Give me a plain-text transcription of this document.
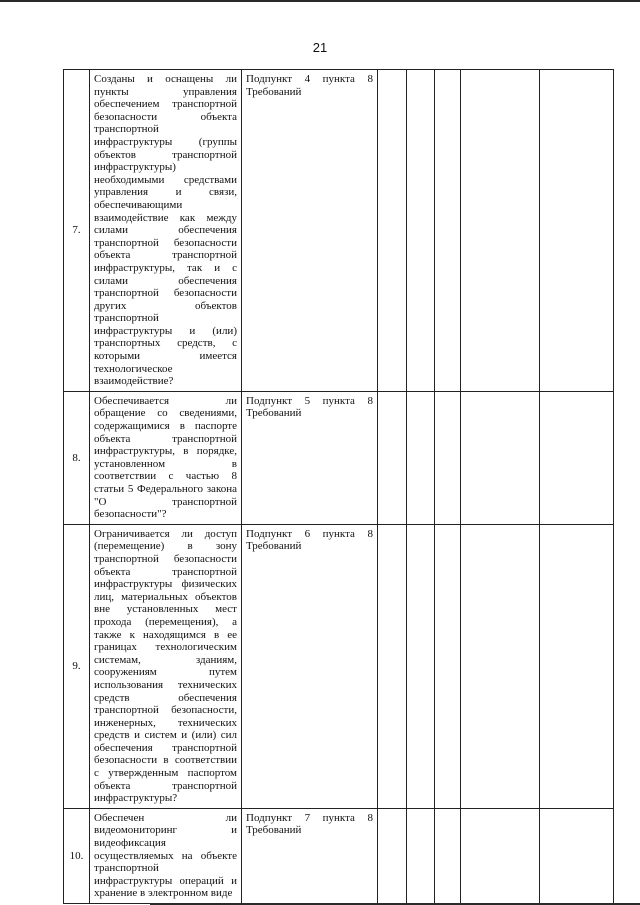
21
7.	Созданы и оснащены ли пункты управления обеспечением транспортной безопасности объекта транспортной инфраструктуры (группы объектов транспортной инфраструктуры) необходимыми средствами управления и связи, обеспечивающими взаимодействие как между силами обеспечения транспортной безопасности объекта транспортной инфраструктуры, так и с силами обеспечения транспортной безопасности других объектов транспортной инфраструктуры и (или) транспортных средств, с которыми имеется технологическое взаимодействие?	Подпункт 4 пункта 8 Требований					
8.	Обеспечивается ли обращение со сведениями, содержащимися в паспорте объекта транспортной инфраструктуры, в порядке, установленном в соответствии с частью 8 статьи 5 Федерального закона "О транспортной безопасности"?	Подпункт 5 пункта 8 Требований					
9.	Ограничивается ли доступ (перемещение) в зону транспортной безопасности объекта транспортной инфраструктуры физических лиц, материальных объектов вне установленных мест прохода (перемещения), а также к находящимся в ее границах технологическим системам, зданиям, сооружениям путем использования технических средств обеспечения транспортной безопасности, инженерных, технических средств и систем и (или) сил обеспечения транспортной безопасности в соответствии с утвержденным паспортом объекта транспортной инфраструктуры?	Подпункт 6 пункта 8 Требований					
10.	Обеспечен ли видеомониторинг и видеофиксация осуществляемых на объекте транспортной инфраструктуры операций и хранение в электронном виде	Подпункт 7 пункта 8 Требований					
